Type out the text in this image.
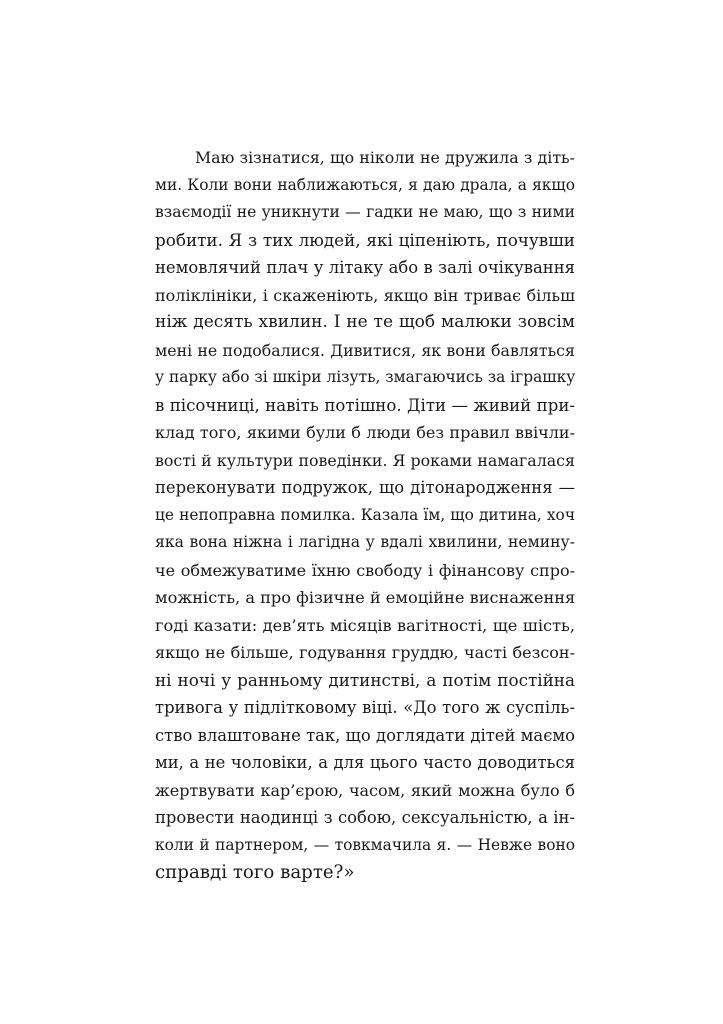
Маю зізнатися, що ніколи не дружила з діть-
ми. Коли вони наближаються, я даю драла, а якщо
взаємодії не уникнути — гадки не маю, що з ними
робити. Я з тих людей, які ціпеніють, почувши
немовлячий плач у літаку або в залі очікування
поліклініки, і скаженіють, якщо він триває більш
ніж десять хвилин. І не те щоб малюки зовсім
мені не подобалися. Дивитися, як вони бавляться
у парку або зі шкіри лізуть, змагаючись за іграшку
в пісочниці, навіть потішно. Діти — живий при-
клад того, якими були б люди без правил ввічли-
вості й культури поведінки. Я роками намагалася
переконувати подружок, що дітонародження —
це непоправна помилка. Казала їм, що дитина, хоч
яка вона ніжна і лагідна у вдалі хвилини, немину-
че обмежуватиме їхню свободу і фінансову спро-
можність, а про фізичне й емоційне виснаження
годі казати: дев’ять місяців вагітності, ще шість,
якщо не більше, годування груддю, часті безсон-
ні ночі у ранньому дитинстві, а потім постійна
тривога у підлітковому віці. «До того ж суспіль-
ство влаштоване так, що доглядати дітей маємо
ми, а не чоловіки, а для цього часто доводиться
жертвувати кар’єрою, часом, який можна було б
провести наодинці з собою, сексуальністю, а ін-
коли й партнером, — товкмачила я. — Невже воно
справді того варте?»
